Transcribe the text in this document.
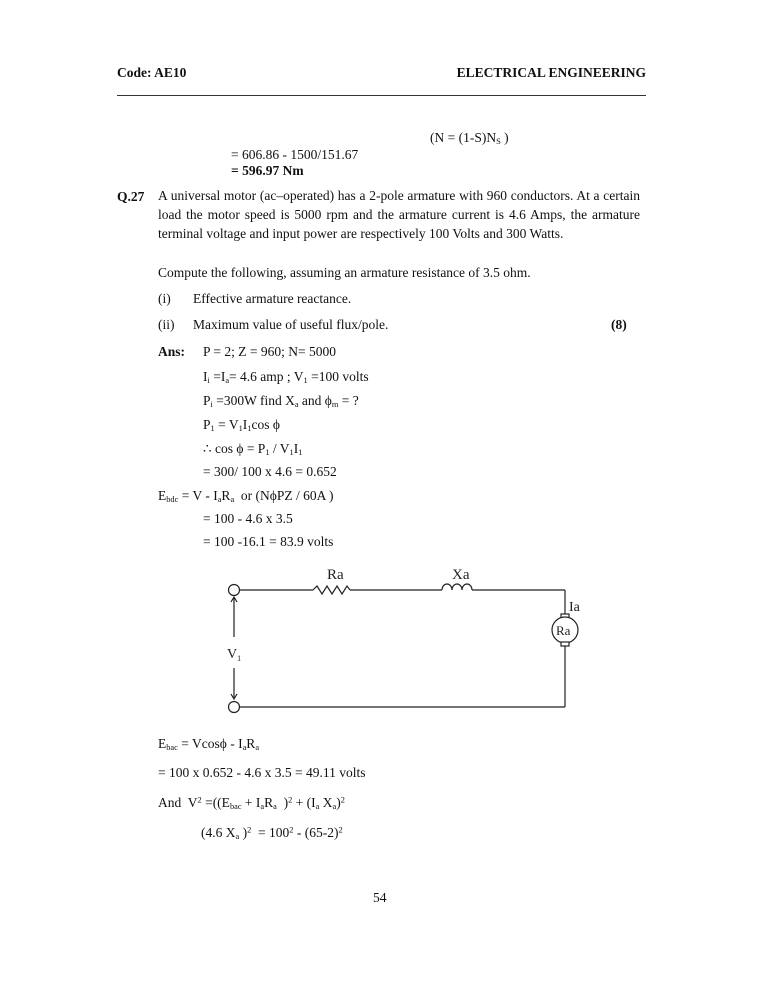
Code: AE10	ELECTRICAL ENGINEERING
($N = (1-S)N_S$ )
= 606.86 - 1500/151.67
= 596.97 Nm
Q.27 A universal motor (ac–operated) has a 2-pole armature with 960 conductors. At a certain load the motor speed is 5000 rpm and the armature current is 4.6 Amps, the armature terminal voltage and input power are respectively 100 Volts and 300 Watts.
Compute the following, assuming an armature resistance of 3.5 ohm.
(i) Effective armature reactance.
(ii) Maximum value of useful flux/pole.	(8)
Ans: P = 2; Z = 960; N= 5000
$I_i =I_a= 4.6$ amp ; $V_1 =100$ volts
$P_i =300W$ find $X_a$ and $\phi_m$ = ?
$P_1 = V_1I_1\cos$ ϕ
∴ $\cos \phi = P_1 / V_1I_1$
= 300/ 100 x 4.6 = 0.652
$E_{bdc} = V - I_aR_a$  or (NϕPZ / 60A )
= 100 - 4.6 x 3.5
= 100 -16.1 = 83.9 volts
Ra	Xa
Ia
Ra
$V_1$
$E_{bac} = Vcos\phi - I_aR_a$
= 100 x 0.652 - 4.6 x 3.5 = 49.11 volts
And  $V^2 =((E_{bac} + I_aR_a$  )$^2 + (I_a$ $X_a)^2$
(4.6 $X_a$ )$^2 = 100^2 - (65-2)^2$
54
